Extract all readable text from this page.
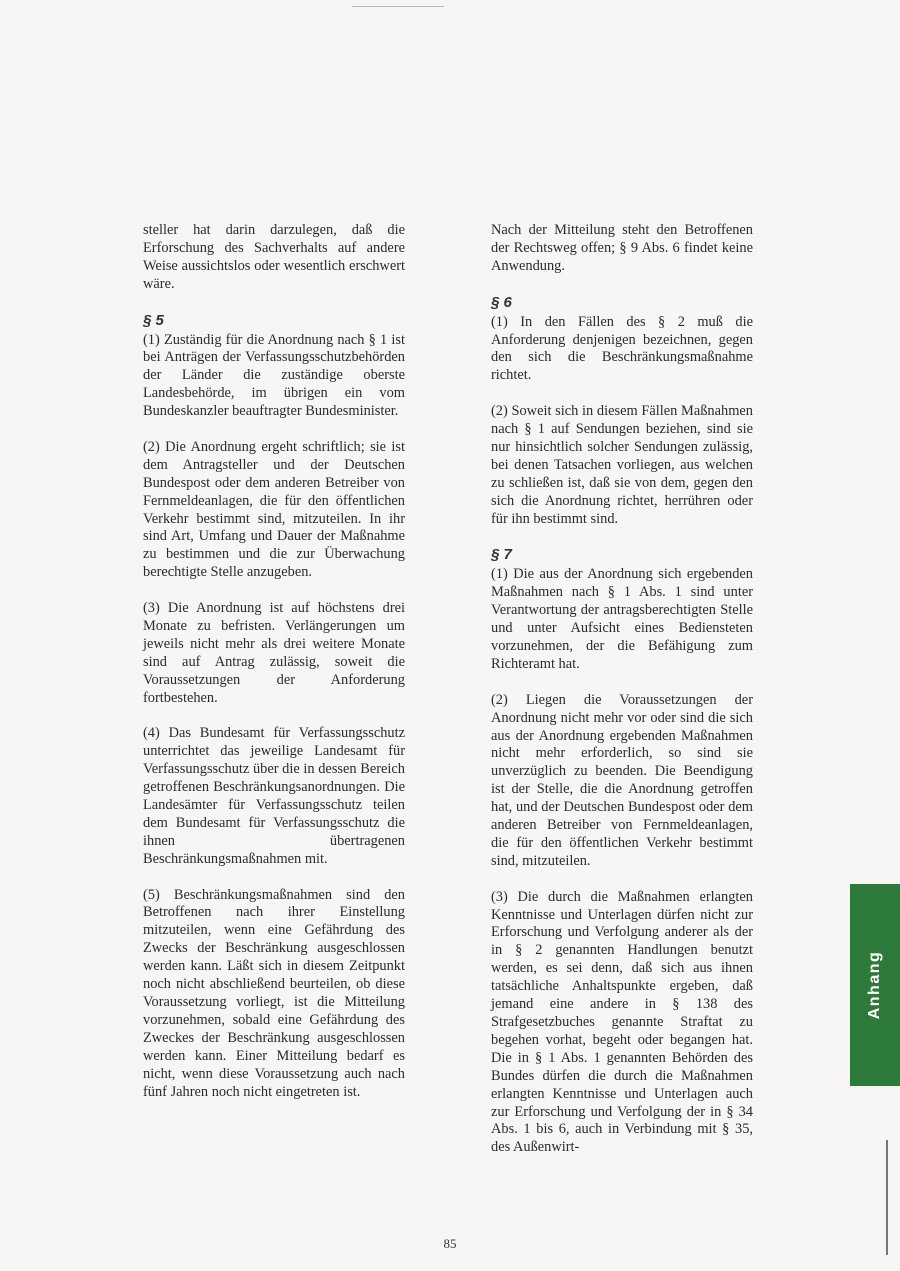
steller hat darin darzulegen, daß die Erforschung des Sachverhalts auf andere Weise aussichtslos oder wesentlich erschwert wäre.

§ 5

(1) Zuständig für die Anordnung nach § 1 ist bei Anträgen der Verfassungsschutzbehörden der Länder die zuständige oberste Landesbehörde, im übrigen ein vom Bundeskanzler beauftragter Bundesminister.

(2) Die Anordnung ergeht schriftlich; sie ist dem Antragsteller und der Deutschen Bundespost oder dem anderen Betreiber von Fernmeldeanlagen, die für den öffentlichen Verkehr bestimmt sind, mitzuteilen. In ihr sind Art, Umfang und Dauer der Maßnahme zu bestimmen und die zur Überwachung berechtigte Stelle anzugeben.

(3) Die Anordnung ist auf höchstens drei Monate zu befristen. Verlängerungen um jeweils nicht mehr als drei weitere Monate sind auf Antrag zulässig, soweit die Voraussetzungen der Anforderung fortbestehen.

(4) Das Bundesamt für Verfassungsschutz unterrichtet das jeweilige Landesamt für Verfassungsschutz über die in dessen Bereich getroffenen Beschränkungsanordnungen. Die Landesämter für Verfassungsschutz teilen dem Bundesamt für Verfassungsschutz die ihnen übertragenen Beschränkungsmaßnahmen mit.

(5) Beschränkungsmaßnahmen sind den Betroffenen nach ihrer Einstellung mitzuteilen, wenn eine Gefährdung des Zwecks der Beschränkung ausgeschlossen werden kann. Läßt sich in diesem Zeitpunkt noch nicht abschließend beurteilen, ob diese Voraussetzung vorliegt, ist die Mitteilung vorzunehmen, sobald eine Gefährdung des Zweckes der Beschränkung ausgeschlossen werden kann. Einer Mitteilung bedarf es nicht, wenn diese Voraussetzung auch nach fünf Jahren noch nicht eingetreten ist.

Nach der Mitteilung steht den Betroffenen der Rechtsweg offen; § 9 Abs. 6 findet keine Anwendung.

§ 6

(1) In den Fällen des § 2 muß die Anforderung denjenigen bezeichnen, gegen den sich die Beschränkungsmaßnahme richtet.

(2) Soweit sich in diesem Fällen Maßnahmen nach § 1 auf Sendungen beziehen, sind sie nur hinsichtlich solcher Sendungen zulässig, bei denen Tatsachen vorliegen, aus welchen zu schließen ist, daß sie von dem, gegen den sich die Anordnung richtet, herrühren oder für ihn bestimmt sind.

§ 7

(1) Die aus der Anordnung sich ergebenden Maßnahmen nach § 1 Abs. 1 sind unter Verantwortung der antragsberechtigten Stelle und unter Aufsicht eines Bediensteten vorzunehmen, der die Befähigung zum Richteramt hat.

(2) Liegen die Voraussetzungen der Anordnung nicht mehr vor oder sind die sich aus der Anordnung ergebenden Maßnahmen nicht mehr erforderlich, so sind sie unverzüglich zu beenden. Die Beendigung ist der Stelle, die die Anordnung getroffen hat, und der Deutschen Bundespost oder dem anderen Betreiber von Fernmeldeanlagen, die für den öffentlichen Verkehr bestimmt sind, mitzuteilen.

(3) Die durch die Maßnahmen erlangten Kenntnisse und Unterlagen dürfen nicht zur Erforschung und Verfolgung anderer als der in § 2 genannten Handlungen benutzt werden, es sei denn, daß sich aus ihnen tatsächliche Anhaltspunkte ergeben, daß jemand eine andere in § 138 des Strafgesetzbuches genannte Straftat zu begehen vorhat, begeht oder begangen hat. Die in § 1 Abs. 1 genannten Behörden des Bundes dürfen die durch die Maßnahmen erlangten Kenntnisse und Unterlagen auch zur Erforschung und Verfolgung der in § 34 Abs. 1 bis 6, auch in Verbindung mit § 35, des Außenwirt-

Anhang
85
